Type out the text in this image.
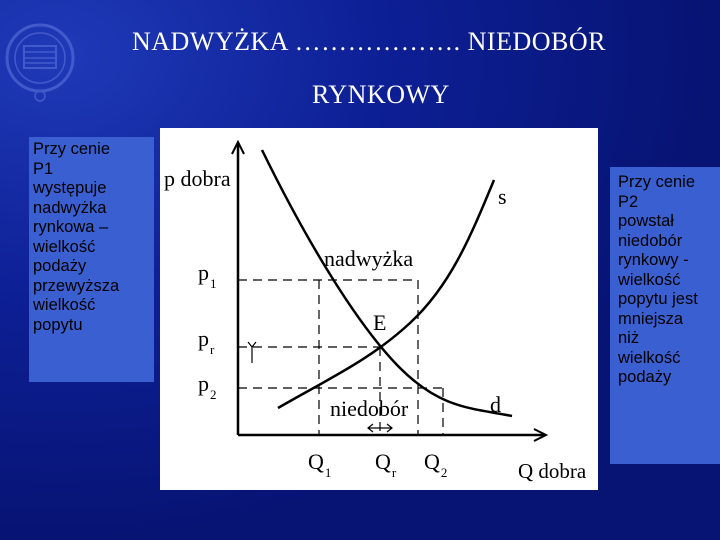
NADWYŻKA ………………. NIEDOBÓR
RYNKOWY
Przy cenie
P1
występuje
nadwyżka
rynkowa –
wielkość
podaży
przewyższa
wielkość
popytu
Przy cenie
P2
powstał
niedobór
rynkowy -
wielkość
popytu jest
mniejsza
niż
wielkość
podaży
p dobra
s
d
nadwyżka
E
niedobór
$p_1$
$p_r$
$p_2$
$Q_1$ $Q_r$ $Q_2$	Q dobra
